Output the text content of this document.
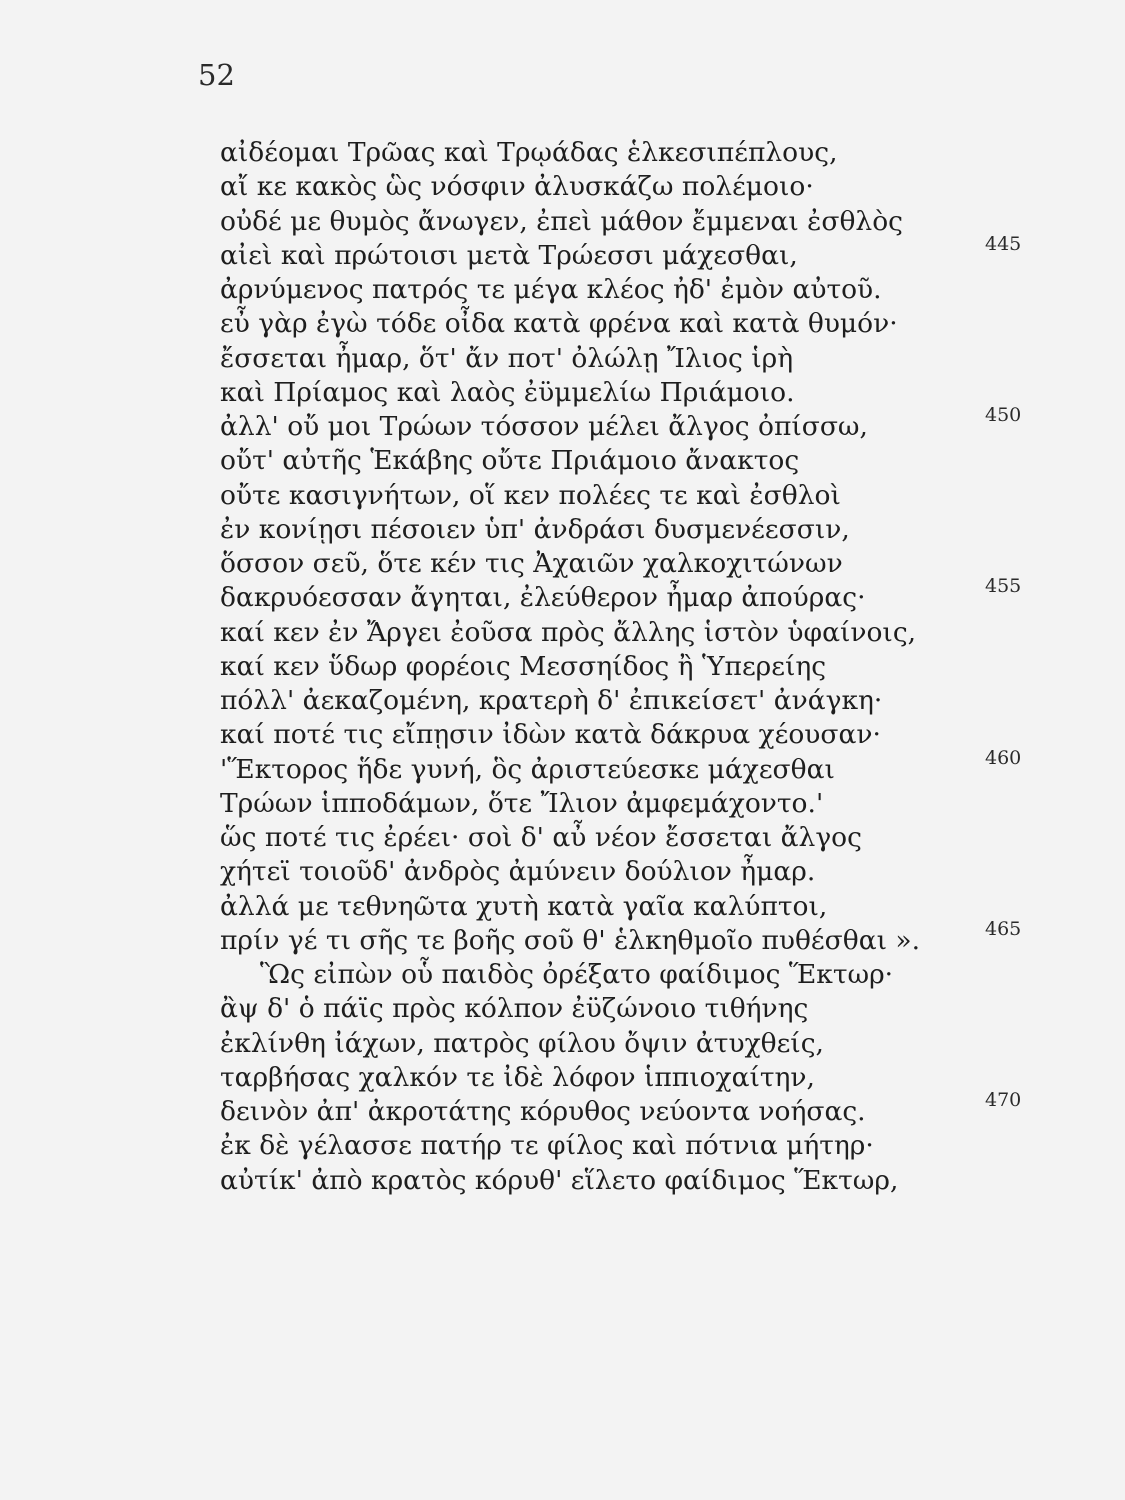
52
αἰδέομαι Τρῶας καὶ Τρῳάδας ἑλκεσιπέπλους,
αἴ κε κακὸς ὣς νόσφιν ἀλυσκάζω πολέμοιο·
οὐδέ με θυμὸς ἄνωγεν, ἐπεὶ μάθον ἔμμεναι ἐσθλὸς
αἰεὶ καὶ πρώτοισι μετὰ Τρώεσσι μάχεσθαι,	445
ἀρνύμενος πατρός τε μέγα κλέος ἠδ' ἐμὸν αὐτοῦ.
εὖ γὰρ ἐγὼ τόδε οἶδα κατὰ φρένα καὶ κατὰ θυμόν·
ἔσσεται ἦμαρ, ὅτ' ἄν ποτ' ὀλώλῃ Ἴλιος ἱρὴ
καὶ Πρίαμος καὶ λαὸς ἐϋμμελίω Πριάμοιο.
ἀλλ' οὔ μοι Τρώων τόσσον μέλει ἄλγος ὀπίσσω,	450
οὔτ' αὐτῆς Ἑκάβης οὔτε Πριάμοιο ἄνακτος
οὔτε κασιγνήτων, οἵ κεν πολέες τε καὶ ἐσθλοὶ
ἐν κονίῃσι πέσοιεν ὑπ' ἀνδράσι δυσμενέεσσιν,
ὅσσον σεῦ, ὅτε κέν τις Ἀχαιῶν χαλκοχιτώνων
δακρυόεσσαν ἄγηται, ἐλεύθερον ἦμαρ ἀπούρας·	455
καί κεν ἐν Ἄργει ἐοῦσα πρὸς ἄλλης ἱστὸν ὑφαίνοις,
καί κεν ὕδωρ φορέοις Μεσσηίδος ἢ Ὑπερείης
πόλλ' ἀεκαζομένη, κρατερὴ δ' ἐπικείσετ' ἀνάγκη·
καί ποτέ τις εἴπῃσιν ἰδὼν κατὰ δάκρυα χέουσαν·
'Ἕκτορος ἥδε γυνή, ὃς ἀριστεύεσκε μάχεσθαι	460
Τρώων ἱπποδάμων, ὅτε Ἴλιον ἀμφεμάχοντο.'
ὥς ποτέ τις ἐρέει· σοὶ δ' αὖ νέον ἔσσεται ἄλγος
χήτεϊ τοιοῦδ' ἀνδρὸς ἀμύνειν δούλιον ἦμαρ.
ἀλλά με τεθνηῶτα χυτὴ κατὰ γαῖα καλύπτοι,
πρίν γέ τι σῆς τε βοῆς σοῦ θ' ἑλκηθμοῖο πυθέσθαι ».	465
Ὣς εἰπὼν οὗ παιδὸς ὀρέξατο φαίδιμος Ἕκτωρ·
ἂψ δ' ὁ πάϊς πρὸς κόλπον ἐϋζώνοιο τιθήνης
ἐκλίνθη ἰάχων, πατρὸς φίλου ὄψιν ἀτυχθείς,
ταρβήσας χαλκόν τε ἰδὲ λόφον ἱππιοχαίτην,
δεινὸν ἀπ' ἀκροτάτης κόρυθος νεύοντα νοήσας.	470
ἐκ δὲ γέλασσε πατήρ τε φίλος καὶ πότνια μήτηρ·
αὐτίκ' ἀπὸ κρατὸς κόρυθ' εἵλετο φαίδιμος Ἕκτωρ,
